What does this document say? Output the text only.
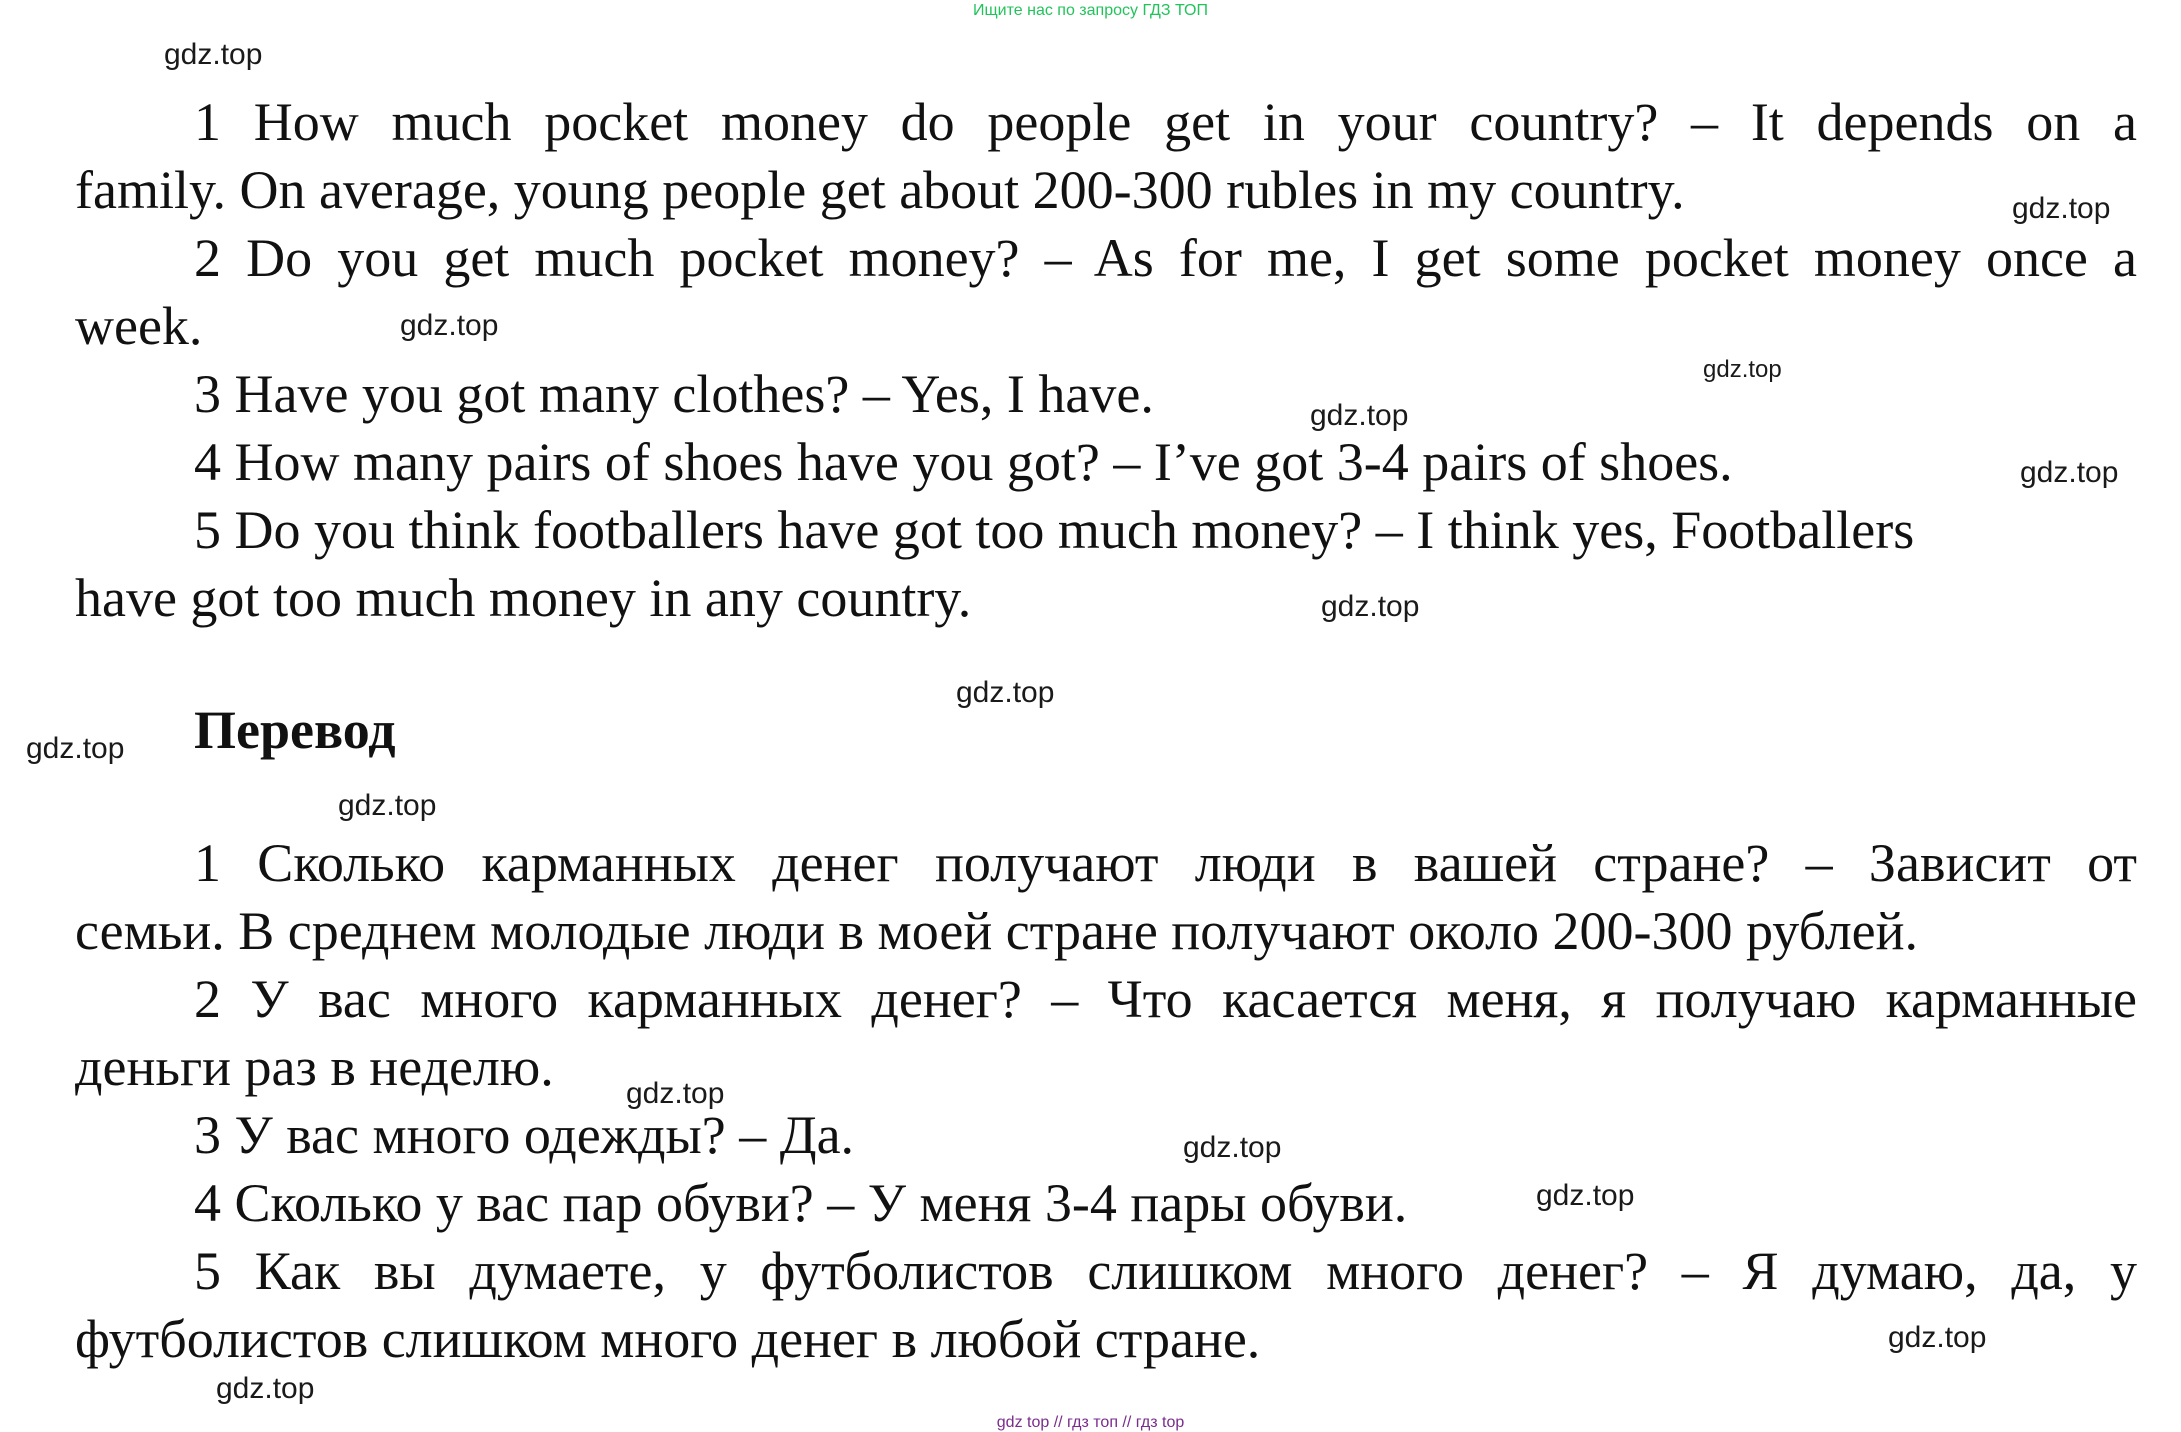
Ищите нас по запросу ГДЗ ТОП
1 How much pocket money do people get in your country? – It depends on a
family. On average, young people get about 200-300 rubles in my country.
2 Do you get much pocket money? – As for me, I get some pocket money once a
week.
3 Have you got many clothes? – Yes, I have.
4 How many pairs of shoes have you got? – I’ve got 3-4 pairs of shoes.
5 Do you think footballers have got too much money? – I think yes, Footballers
have got too much money in any country.
Перевод
1 Сколько карманных денег получают люди в вашей стране? – Зависит от
семьи. В среднем молодые люди в моей стране получают около 200-300 рублей.
2 У вас много карманных денег? – Что касается меня, я получаю карманные
деньги раз в неделю.
3 У вас много одежды? – Да.
4 Сколько у вас пар обуви? – У меня 3-4 пары обуви.
5 Как вы думаете, у футболистов слишком много денег? – Я думаю, да, у
футболистов слишком много денег в любой стране.
gdz.top
gdz.top
gdz.top
gdz.top
gdz.top
gdz.top
gdz.top
gdz.top
gdz.top
gdz.top
gdz.top
gdz.top
gdz.top
gdz.top
gdz.top
gdz top // гдз топ // гдз top
